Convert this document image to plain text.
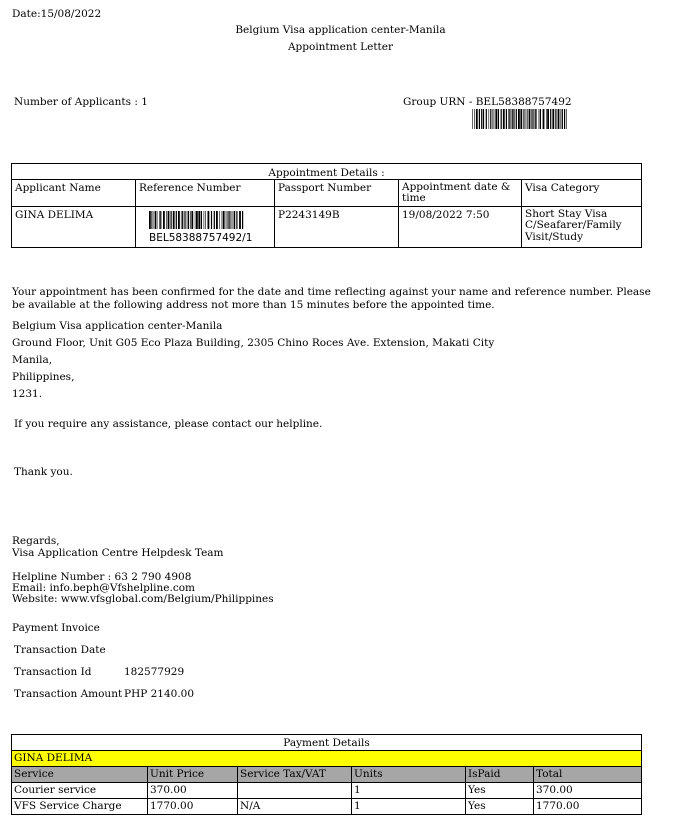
Date:15/08/2022
Belgium Visa application center-Manila
Appointment Letter
Number of Applicants : 1	Group URN - BEL58388757492
Appointment Details :				
Applicant Name	Reference Number	Passport Number	Appointment date & time	Visa Category
GINA DELIMA	BEL58388757492/1	P2243149B	19/08/2022 7:50	Short Stay Visa C/Seafarer/Family Visit/Study
Your appointment has been confirmed for the date and time reflecting against your name and reference number. Please be available at the following address not more than 15 minutes before the appointed time.
Belgium Visa application center-Manila
Ground Floor, Unit G05 Eco Plaza Building, 2305 Chino Roces Ave. Extension, Makati City
Manila,
Philippines,
1231.
If you require any assistance, please contact our helpline.
Thank you.
Regards,
Visa Application Centre Helpdesk Team
Helpline Number : 63 2 790 4908
Email: info.beph@Vfshelpline.com
Website: www.vfsglobal.com/Belgium/Philippines
Payment Invoice
Transaction Date
Transaction Id	182577929
Transaction Amount PHP 2140.00
Payment Details					
GINA DELIMA					
Service	Unit Price	Service Tax/VAT	Units	IsPaid	Total
Courier service	370.00		1	Yes	370.00
VFS Service Charge	1770.00	N/A	1	Yes	1770.00
